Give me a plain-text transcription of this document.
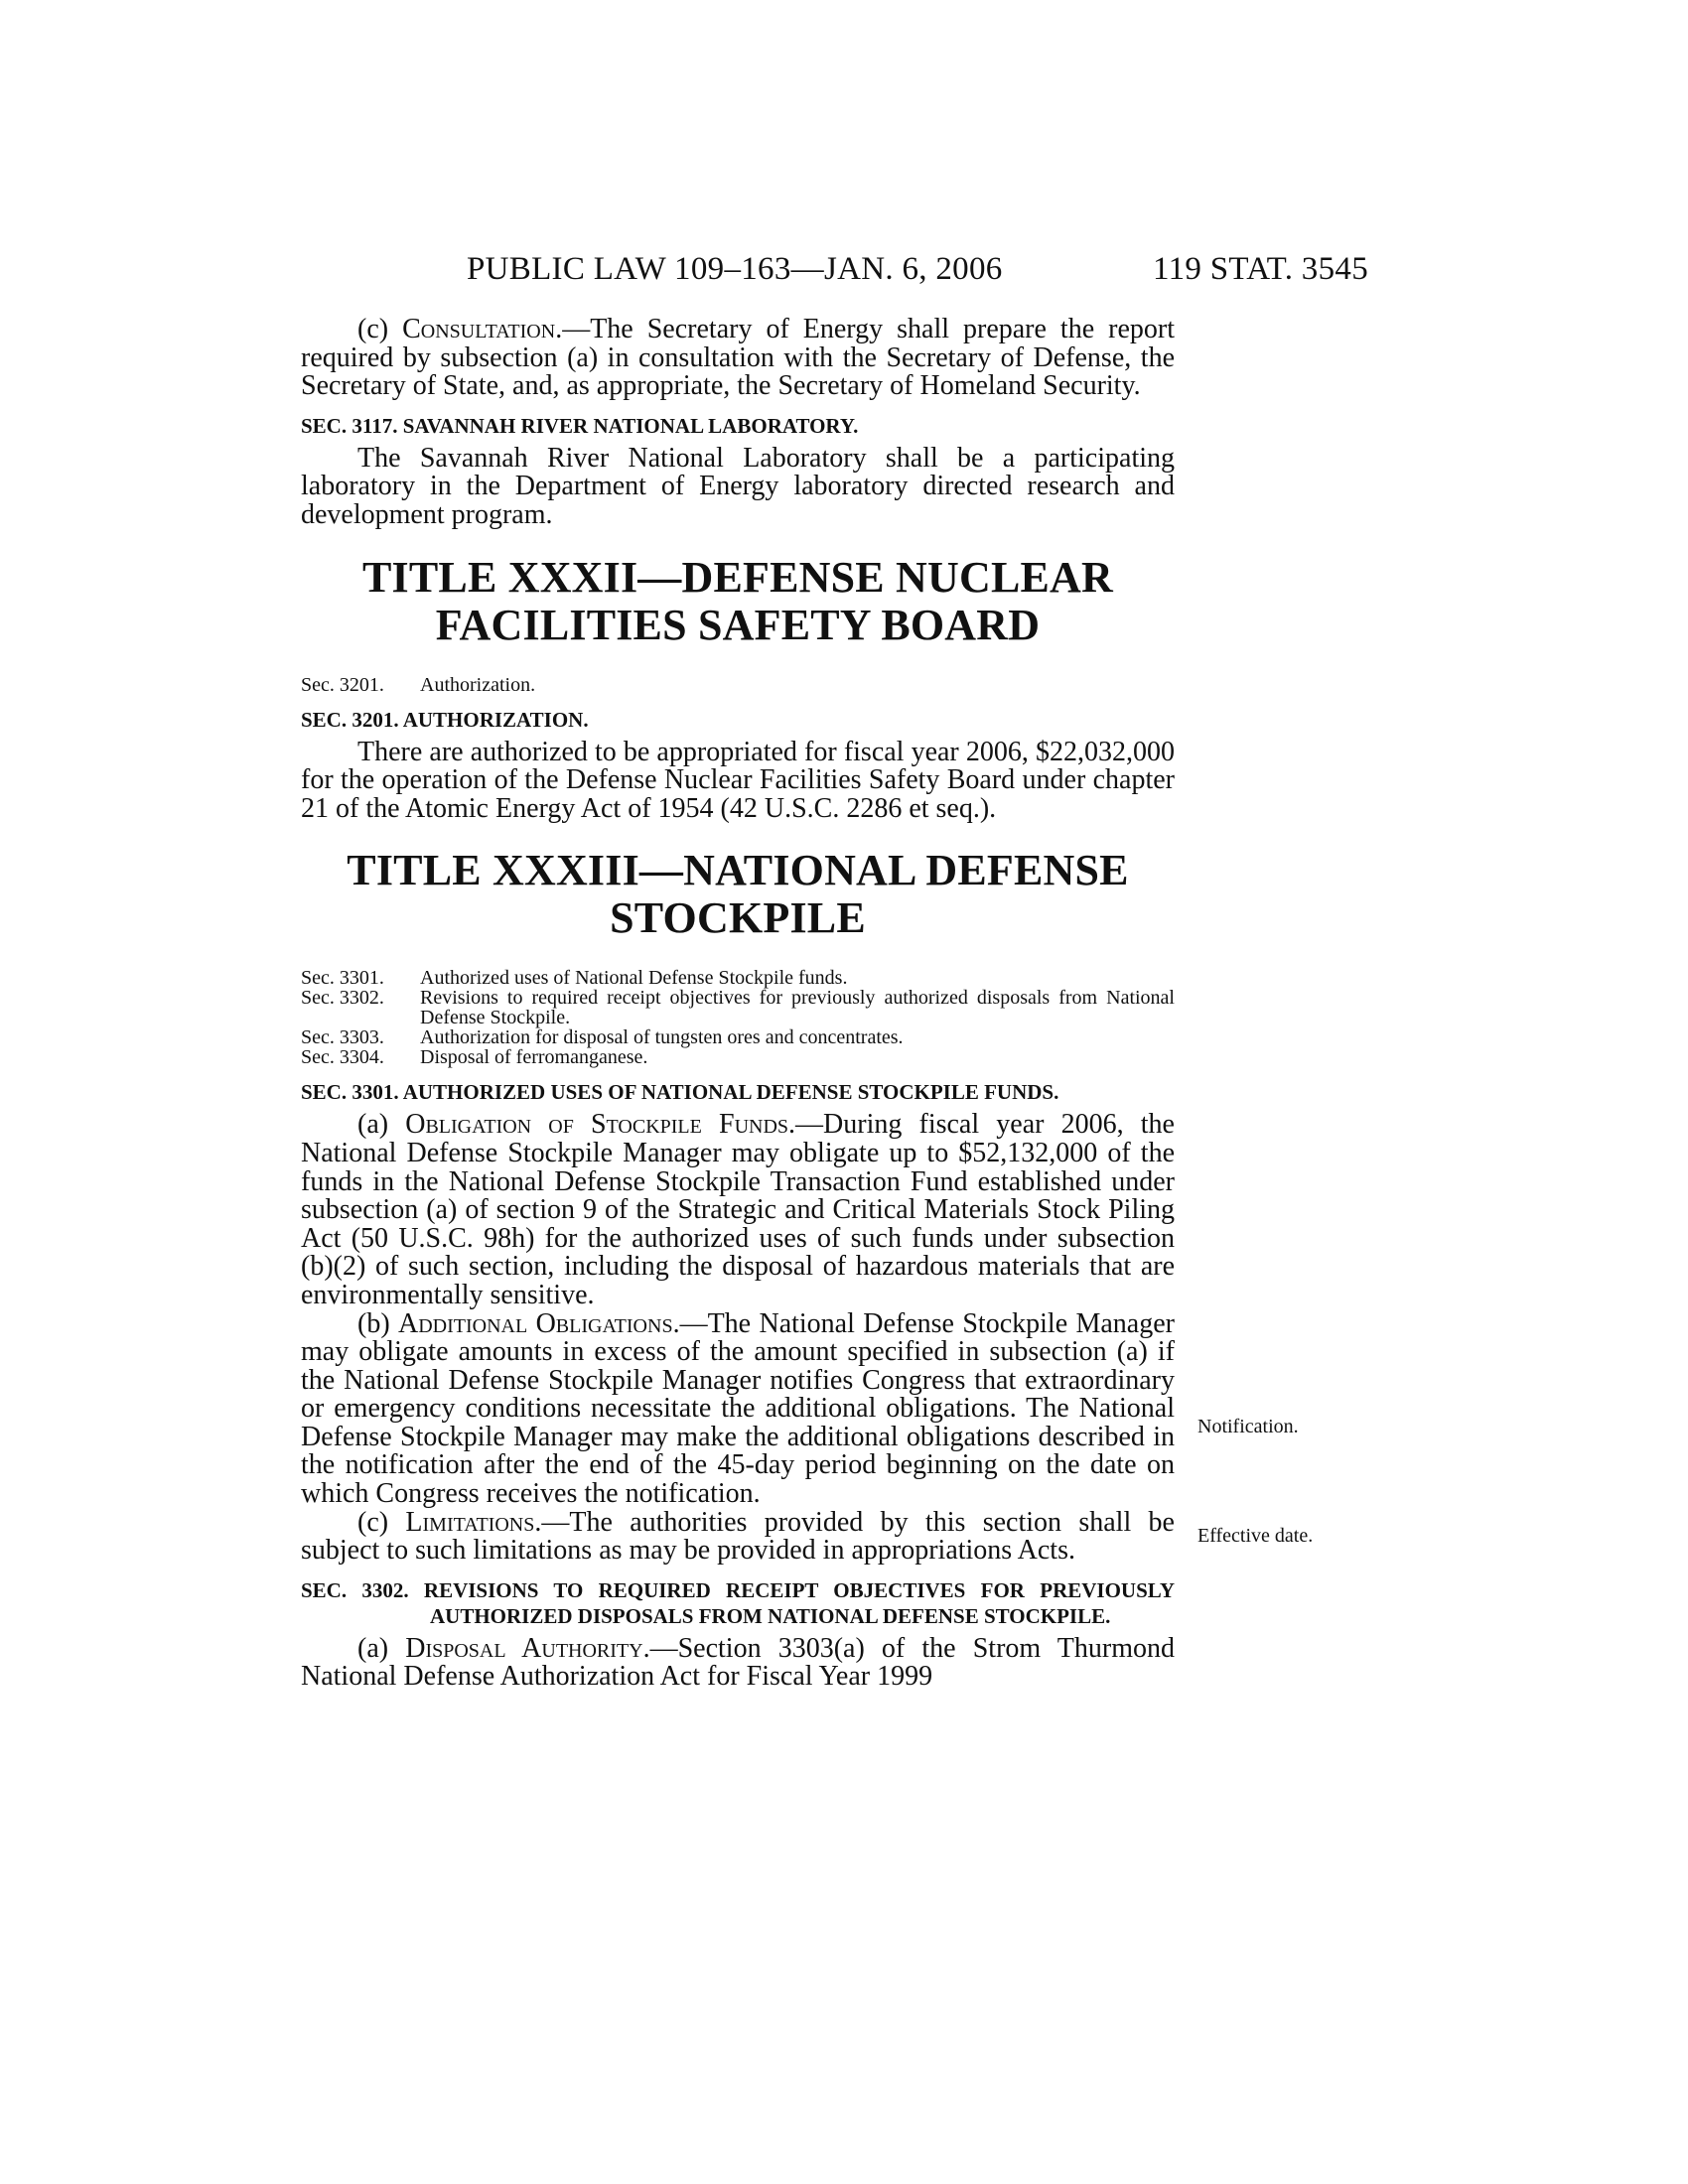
PUBLIC LAW 109–163—JAN. 6, 2006	119 STAT. 3545

(c) Consultation.—The Secretary of Energy shall prepare the report required by subsection (a) in consultation with the Secretary of Defense, the Secretary of State, and, as appropriate, the Secretary of Homeland Security.

SEC. 3117. SAVANNAH RIVER NATIONAL LABORATORY.

The Savannah River National Laboratory shall be a participating laboratory in the Department of Energy laboratory directed research and development program.

TITLE XXXII—DEFENSE NUCLEAR
FACILITIES SAFETY BOARD
Sec. 3201.	Authorization.
SEC. 3201. AUTHORIZATION.

There are authorized to be appropriated for fiscal year 2006, $22,032,000 for the operation of the Defense Nuclear Facilities Safety Board under chapter 21 of the Atomic Energy Act of 1954 (42 U.S.C. 2286 et seq.).

TITLE XXXIII—NATIONAL DEFENSE
STOCKPILE
Sec. 3301.	Authorized uses of National Defense Stockpile funds.
Sec. 3302.	Revisions to required receipt objectives for previously authorized disposals from National Defense Stockpile.
Sec. 3303.	Authorization for disposal of tungsten ores and concentrates.
Sec. 3304.	Disposal of ferromanganese.
SEC. 3301. AUTHORIZED USES OF NATIONAL DEFENSE STOCKPILE FUNDS.

(a) Obligation of Stockpile Funds.—During fiscal year 2006, the National Defense Stockpile Manager may obligate up to $52,132,000 of the funds in the National Defense Stockpile Transaction Fund established under subsection (a) of section 9 of the Strategic and Critical Materials Stock Piling Act (50 U.S.C. 98h) for the authorized uses of such funds under subsection (b)(2) of such section, including the disposal of hazardous materials that are environmentally sensitive.

(b) Additional Obligations.—The National Defense Stockpile Manager may obligate amounts in excess of the amount specified in subsection (a) if the National Defense Stockpile Manager notifies Congress that extraordinary or emergency conditions necessitate the additional obligations. The National Defense Stockpile Manager may make the additional obligations described in the notification after the end of the 45-day period beginning on the date on which Congress receives the notification.

(c) Limitations.—The authorities provided by this section shall be subject to such limitations as may be provided in appropriations Acts.

SEC. 3302. REVISIONS TO REQUIRED RECEIPT OBJECTIVES FOR PREVIOUSLY AUTHORIZED DISPOSALS FROM NATIONAL DEFENSE STOCKPILE.

(a) Disposal Authority.—Section 3303(a) of the Strom Thurmond National Defense Authorization Act for Fiscal Year 1999

Notification.
Effective date.
